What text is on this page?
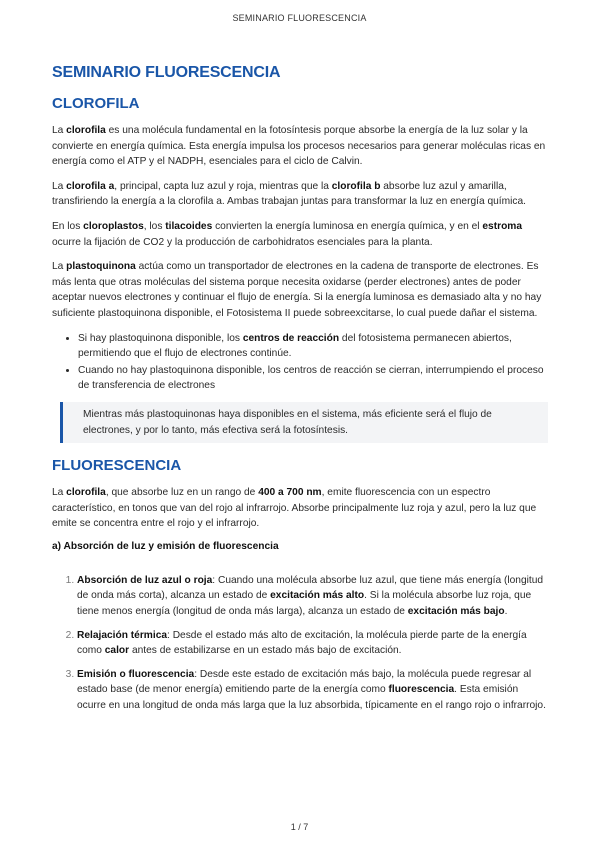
SEMINARIO FLUORESCENCIA
SEMINARIO FLUORESCENCIA
CLOROFILA

La clorofila es una molécula fundamental en la fotosíntesis porque absorbe la energía de la luz solar y la convierte en energía química. Esta energía impulsa los procesos necesarios para generar moléculas ricas en energía como el ATP y el NADPH, esenciales para el ciclo de Calvin.

La clorofila a, principal, capta luz azul y roja, mientras que la clorofila b absorbe luz azul y amarilla, transfiriendo la energía a la clorofila a. Ambas trabajan juntas para transformar la luz en energía química.

En los cloroplastos, los tilacoides convierten la energía luminosa en energía química, y en el estroma ocurre la fijación de CO2 y la producción de carbohidratos esenciales para la planta.

La plastoquinona actúa como un transportador de electrones en la cadena de transporte de electrones. Es más lenta que otras moléculas del sistema porque necesita oxidarse (perder electrones) antes de poder aceptar nuevos electrones y continuar el flujo de energía. Si la energía luminosa es demasiado alta y no hay suficiente plastoquinona disponible, el Fotosistema II puede sobreexcitarse, lo cual puede dañar el sistema.

• Si hay plastoquinona disponible, los centros de reacción del fotosistema permanecen abiertos, permitiendo que el flujo de electrones continúe.
• Cuando no hay plastoquinona disponible, los centros de reacción se cierran, interrumpiendo el proceso de transferencia de electrones
Mientras más plastoquinonas haya disponibles en el sistema, más eficiente será el flujo de electrones, y por lo tanto, más efectiva será la fotosíntesis.
FLUORESCENCIA

La clorofila, que absorbe luz en un rango de 400 a 700 nm, emite fluorescencia con un espectro característico, en tonos que van del rojo al infrarrojo. Absorbe principalmente luz roja y azul, pero la luz que emite se concentra entre el rojo y el infrarrojo.

a) Absorción de luz y emisión de fluorescencia
1. Absorción de luz azul o roja: Cuando una molécula absorbe luz azul, que tiene más energía (longitud de onda más corta), alcanza un estado de excitación más alto. Si la molécula absorbe luz roja, que tiene menos energía (longitud de onda más larga), alcanza un estado de excitación más bajo.
2. Relajación térmica: Desde el estado más alto de excitación, la molécula pierde parte de la energía como calor antes de estabilizarse en un estado más bajo de excitación.
3. Emisión o fluorescencia: Desde este estado de excitación más bajo, la molécula puede regresar al estado base (de menor energía) emitiendo parte de la energía como fluorescencia. Esta emisión ocurre en una longitud de onda más larga que la luz absorbida, típicamente en el rango rojo o infrarrojo.
1 / 7
